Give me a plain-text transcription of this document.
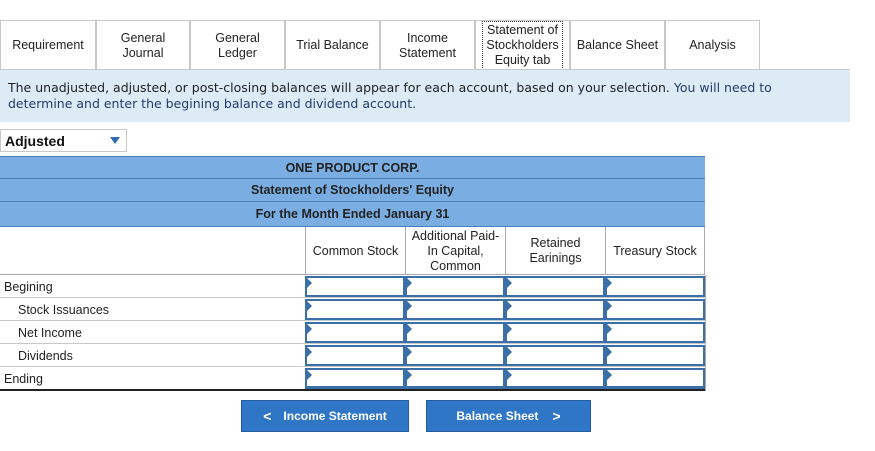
Requirement
General
Journal
General
Ledger
Trial Balance
Income
Statement
Statement of
Stockholders
Equity tab
Balance Sheet Analysis
The unadjusted, adjusted, or post-closing balances will appear for each account, based on your selection. You will need to determine and enter the begining balance and dividend account.
Adjusted
ONE PRODUCT CORP.
Statement of Stockholders' Equity
For the Month Ended January 31
Common Stock
Additional Paid-
In Capital,
Common
Retained
Earinings
Treasury Stock
Begining
Stock Issuances
Net Income
Dividends
Ending
< Income Statement	Balance Sheet >
